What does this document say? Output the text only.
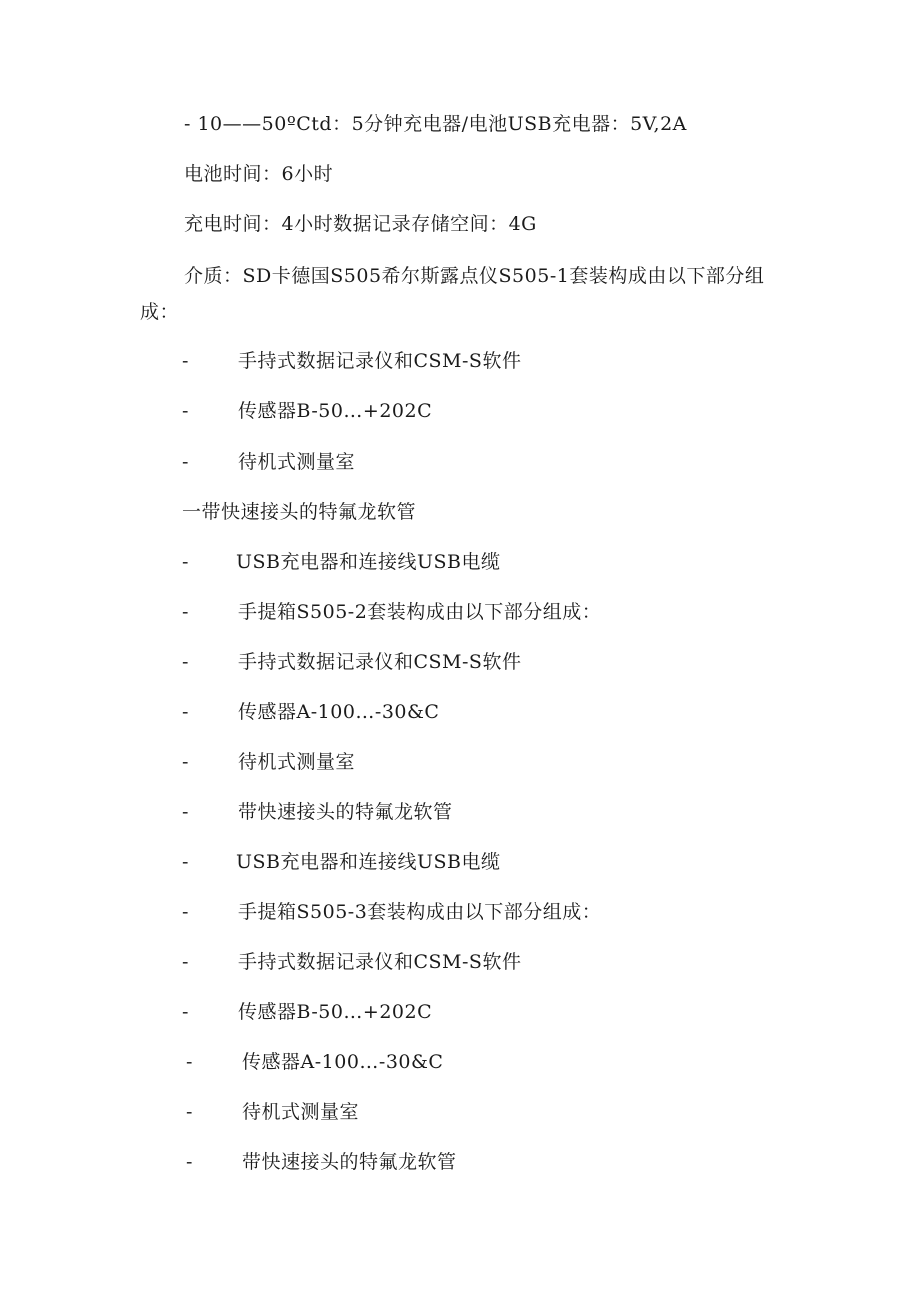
- 10——50ºCtd：5分钟充电器/电池USB充电器：5V,2A
电池时间：6小时
充电时间：4小时数据记录存储空间：4G
介质：SD卡德国S505希尔斯露点仪S505-1套装构成由以下部分组
成：
-	手持式数据记录仪和CSM-S软件
-	传感器B-50…+202C
-	待机式测量室
一带快速接头的特氟龙软管
-	USB充电器和连接线USB电缆
-	手提箱S505-2套装构成由以下部分组成：
-	手持式数据记录仪和CSM-S软件
-	传感器A-100…-30&C
-	待机式测量室
-	带快速接头的特氟龙软管
-	USB充电器和连接线USB电缆
-	手提箱S505-3套装构成由以下部分组成：
-	手持式数据记录仪和CSM-S软件
-	传感器B-50…+202C
-	传感器A-100…-30&C
-	待机式测量室
-	带快速接头的特氟龙软管
